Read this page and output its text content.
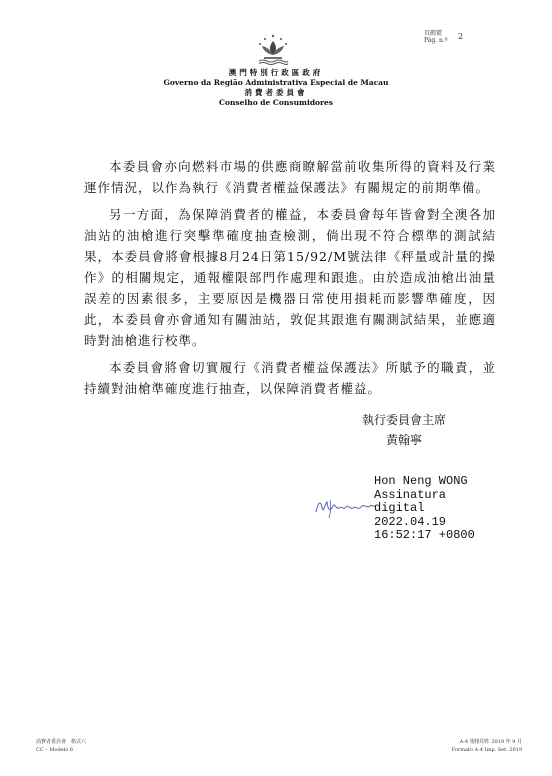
頁碼號
Pág. n.º 2
澳門特別行政區政府
Governo da Região Administrativa Especial de Macau
消費者委員會
Conselho de Consumidores

本委員會亦向燃料市場的供應商瞭解當前收集所得的資料及行業運作情況，以作為執行《消費者權益保護法》有關規定的前期準備。

另一方面，為保障消費者的權益，本委員會每年皆會對全澳各加油站的油槍進行突擊準確度抽查檢測，倘出現不符合標準的測試結果，本委員會將會根據8月24日第15/92/M號法律《秤量或計量的操作》的相關規定，通報權限部門作處理和跟進。由於造成油槍出油量誤差的因素很多，主要原因是機器日常使用損耗而影響準確度，因此，本委員會亦會通知有關油站，敦促其跟進有關測試結果，並應適時對油槍進行校準。

本委員會將會切實履行《消費者權益保護法》所賦予的職責，並持續對油槍準確度進行抽查，以保障消費者權益。

執行委員會主席
黃翰寧
Hon Neng WONG
Assinatura
digital
2022.04.19
16:52:17 +0800
消費者委員會　格式六
CC – Modelo 6
A-4 規格印件 2019 年 9 月
Formato A-4 Imp. Set. 2019
